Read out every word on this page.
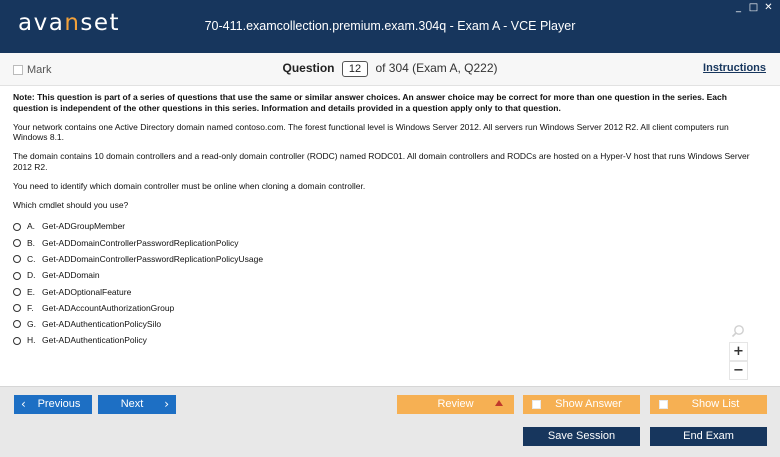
avanset	70-411.examcollection.premium.exam.304q - Exam A - VCE Player
_ □ ✕
Mark	Question 12 of 304 (Exam A, Q222)	Instructions

Note: This question is part of a series of questions that use the same or similar answer choices. An answer choice may be correct for more than one question in the series. Each question is independent of the other questions in this series. Information and details provided in a question apply only to that question.

Your network contains one Active Directory domain named contoso.com. The forest functional level is Windows Server 2012. All servers run Windows Server 2012 R2. All client computers run Windows 8.1.

The domain contains 10 domain controllers and a read-only domain controller (RODC) named RODC01. All domain controllers and RODCs are hosted on a Hyper-V host that runs Windows Server 2012 R2.

You need to identify which domain controller must be online when cloning a domain controller.

Which cmdlet should you use?

A. Get-ADGroupMember
B. Get-ADDomainControllerPasswordReplicationPolicy
C. Get-ADDomainControllerPasswordReplicationPolicyUsage
D. Get-ADDomain
E. Get-ADOptionalFeature
F. Get-ADAccountAuthorizationGroup
G. Get-ADAuthenticationPolicySilo
H. Get-ADAuthenticationPolicy
+
−
‹ Previous	Next ›	Review	Show Answer	Show List
Save Session	End Exam
